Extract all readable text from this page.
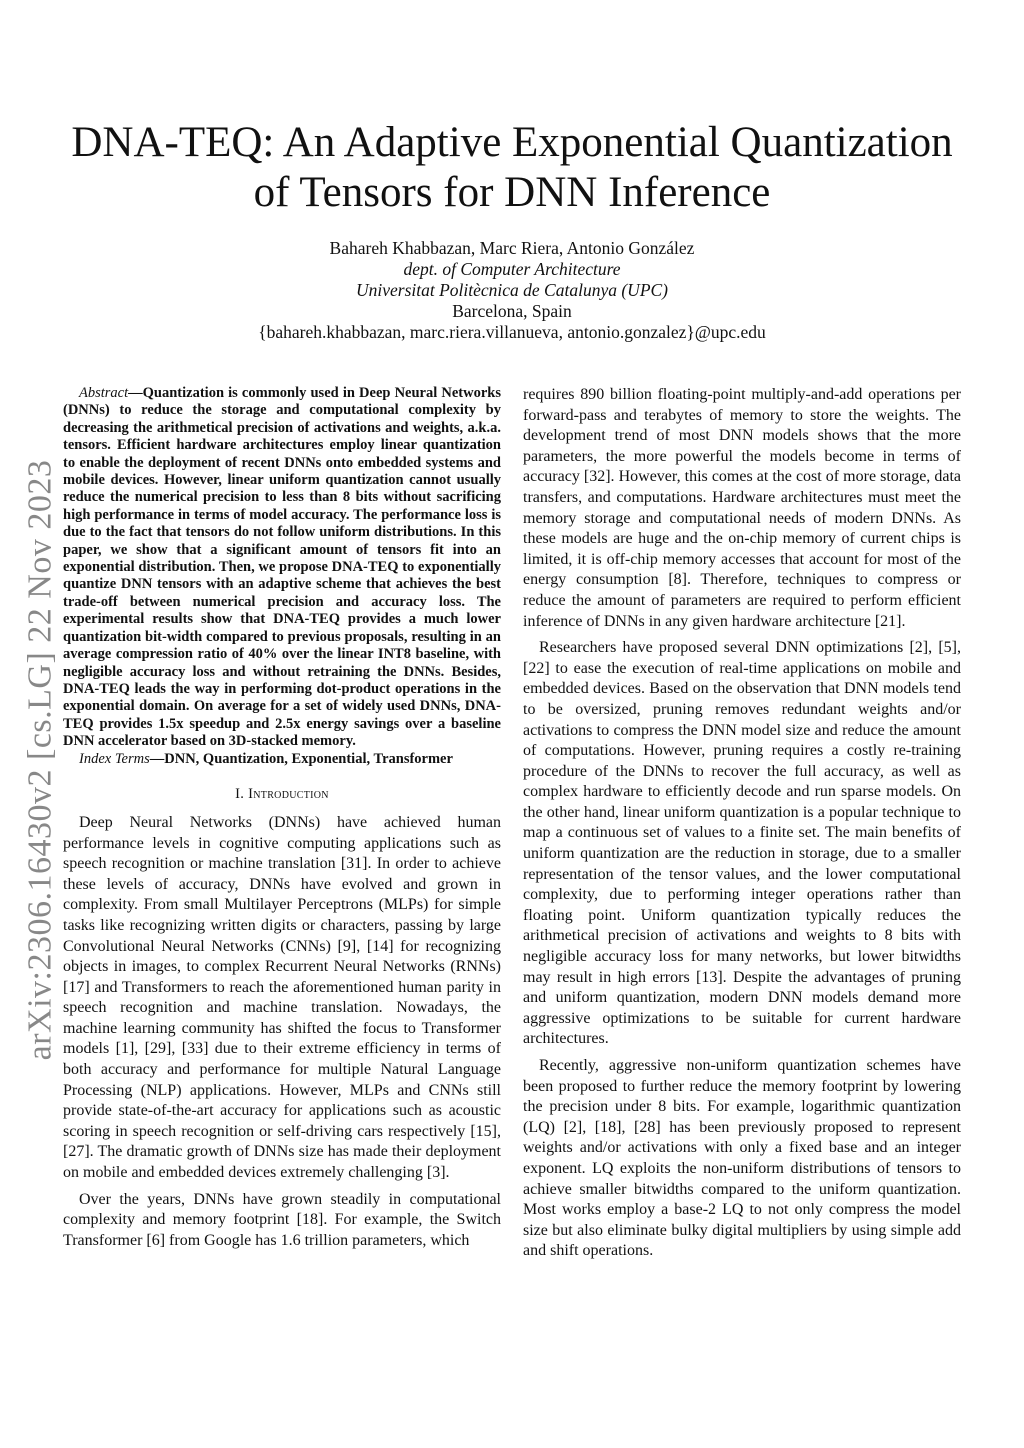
arXiv:2306.16430v2 [cs.LG] 22 Nov 2023
DNA-TEQ: An Adaptive Exponential Quantization
of Tensors for DNN Inference
Bahareh Khabbazan, Marc Riera, Antonio González
dept. of Computer Architecture
Universitat Politècnica de Catalunya (UPC)
Barcelona, Spain
{bahareh.khabbazan, marc.riera.villanueva, antonio.gonzalez}@upc.edu

Abstract—Quantization is commonly used in Deep Neural Networks (DNNs) to reduce the storage and computational complexity by decreasing the arithmetical precision of activations and weights, a.k.a. tensors. Efficient hardware architectures employ linear quantization to enable the deployment of recent DNNs onto embedded systems and mobile devices. However, linear uniform quantization cannot usually reduce the numerical precision to less than 8 bits without sacrificing high performance in terms of model accuracy. The performance loss is due to the fact that tensors do not follow uniform distributions. In this paper, we show that a significant amount of tensors fit into an exponential distribution. Then, we propose DNA-TEQ to exponentially quantize DNN tensors with an adaptive scheme that achieves the best trade-off between numerical precision and accuracy loss. The experimental results show that DNA-TEQ provides a much lower quantization bit-width compared to previous proposals, resulting in an average compression ratio of 40% over the linear INT8 baseline, with negligible accuracy loss and without retraining the DNNs. Besides, DNA-TEQ leads the way in performing dot-product operations in the exponential domain. On average for a set of widely used DNNs, DNA-TEQ provides 1.5x speedup and 2.5x energy savings over a baseline DNN accelerator based on 3D-stacked memory.

Index Terms—DNN, Quantization, Exponential, Transformer

I. Introduction

Deep Neural Networks (DNNs) have achieved human performance levels in cognitive computing applications such as speech recognition or machine translation [31]. In order to achieve these levels of accuracy, DNNs have evolved and grown in complexity. From small Multilayer Perceptrons (MLPs) for simple tasks like recognizing written digits or characters, passing by large Convolutional Neural Networks (CNNs) [9], [14] for recognizing objects in images, to complex Recurrent Neural Networks (RNNs) [17] and Transformers to reach the aforementioned human parity in speech recognition and machine translation. Nowadays, the machine learning community has shifted the focus to Transformer models [1], [29], [33] due to their extreme efficiency in terms of both accuracy and performance for multiple Natural Language Processing (NLP) applications. However, MLPs and CNNs still provide state-of-the-art accuracy for applications such as acoustic scoring in speech recognition or self-driving cars respectively [15], [27]. The dramatic growth of DNNs size has made their deployment on mobile and embedded devices extremely challenging [3].

Over the years, DNNs have grown steadily in computational complexity and memory footprint [18]. For example, the Switch Transformer [6] from Google has 1.6 trillion parameters, which

requires 890 billion floating-point multiply-and-add operations per forward-pass and terabytes of memory to store the weights. The development trend of most DNN models shows that the more parameters, the more powerful the models become in terms of accuracy [32]. However, this comes at the cost of more storage, data transfers, and computations. Hardware architectures must meet the memory storage and computational needs of modern DNNs. As these models are huge and the on-chip memory of current chips is limited, it is off-chip memory accesses that account for most of the energy consumption [8]. Therefore, techniques to compress or reduce the amount of parameters are required to perform efficient inference of DNNs in any given hardware architecture [21].

Researchers have proposed several DNN optimizations [2], [5], [22] to ease the execution of real-time applications on mobile and embedded devices. Based on the observation that DNN models tend to be oversized, pruning removes redundant weights and/or activations to compress the DNN model size and reduce the amount of computations. However, pruning requires a costly re-training procedure of the DNNs to recover the full accuracy, as well as complex hardware to efficiently decode and run sparse models. On the other hand, linear uniform quantization is a popular technique to map a continuous set of values to a finite set. The main benefits of uniform quantization are the reduction in storage, due to a smaller representation of the tensor values, and the lower computational complexity, due to performing integer operations rather than floating point. Uniform quantization typically reduces the arithmetical precision of activations and weights to 8 bits with negligible accuracy loss for many networks, but lower bitwidths may result in high errors [13]. Despite the advantages of pruning and uniform quantization, modern DNN models demand more aggressive optimizations to be suitable for current hardware architectures.

Recently, aggressive non-uniform quantization schemes have been proposed to further reduce the memory footprint by lowering the precision under 8 bits. For example, logarithmic quantization (LQ) [2], [18], [28] has been previously proposed to represent weights and/or activations with only a fixed base and an integer exponent. LQ exploits the non-uniform distributions of tensors to achieve smaller bitwidths compared to the uniform quantization. Most works employ a base-2 LQ to not only compress the model size but also eliminate bulky digital multipliers by using simple add and shift operations.
